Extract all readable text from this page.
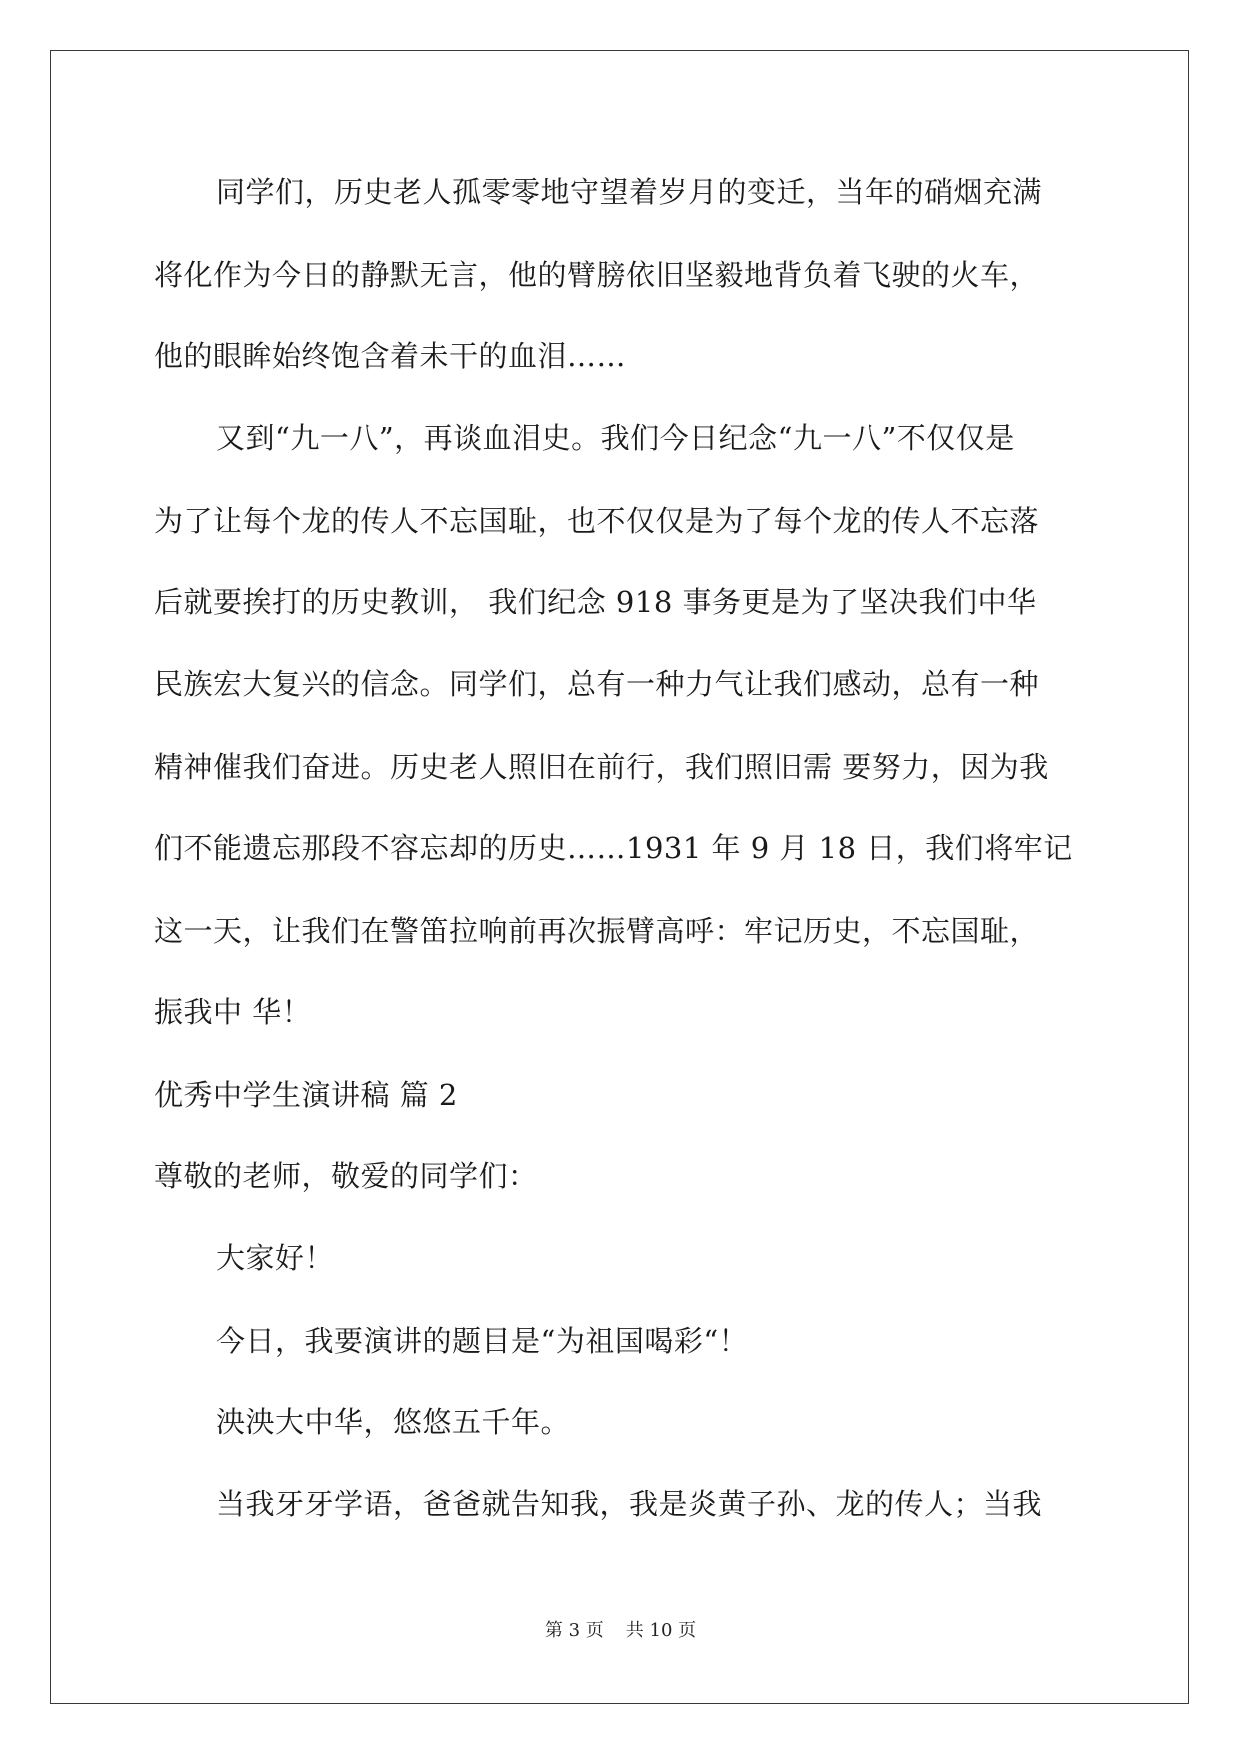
同学们，历史老人孤零零地守望着岁月的变迁，当年的硝烟充满
将化作为今日的静默无言，他的臂膀依旧坚毅地背负着飞驶的火车，
他的眼眸始终饱含着未干的血泪……
又到“九一八”，再谈血泪史。我们今日纪念“九一八”不仅仅是
为了让每个龙的传人不忘国耻，也不仅仅是为了每个龙的传人不忘落
后就要挨打的历史教训， 我们纪念 918 事务更是为了坚决我们中华
民族宏大复兴的信念。同学们，总有一种力气让我们感动，总有一种
精神催我们奋进。历史老人照旧在前行，我们照旧需 要努力，因为我
们不能遗忘那段不容忘却的历史……1931 年 9 月 18 日，我们将牢记
这一天，让我们在警笛拉响前再次振臂高呼：牢记历史，不忘国耻，
振我中 华！
优秀中学生演讲稿 篇 2
尊敬的老师，敬爱的同学们：
大家好！
今日，我要演讲的题目是“为祖国喝彩“！
泱泱大中华，悠悠五千年。
当我牙牙学语，爸爸就告知我，我是炎黄子孙、龙的传人；当我
第 3 页 共 10 页
